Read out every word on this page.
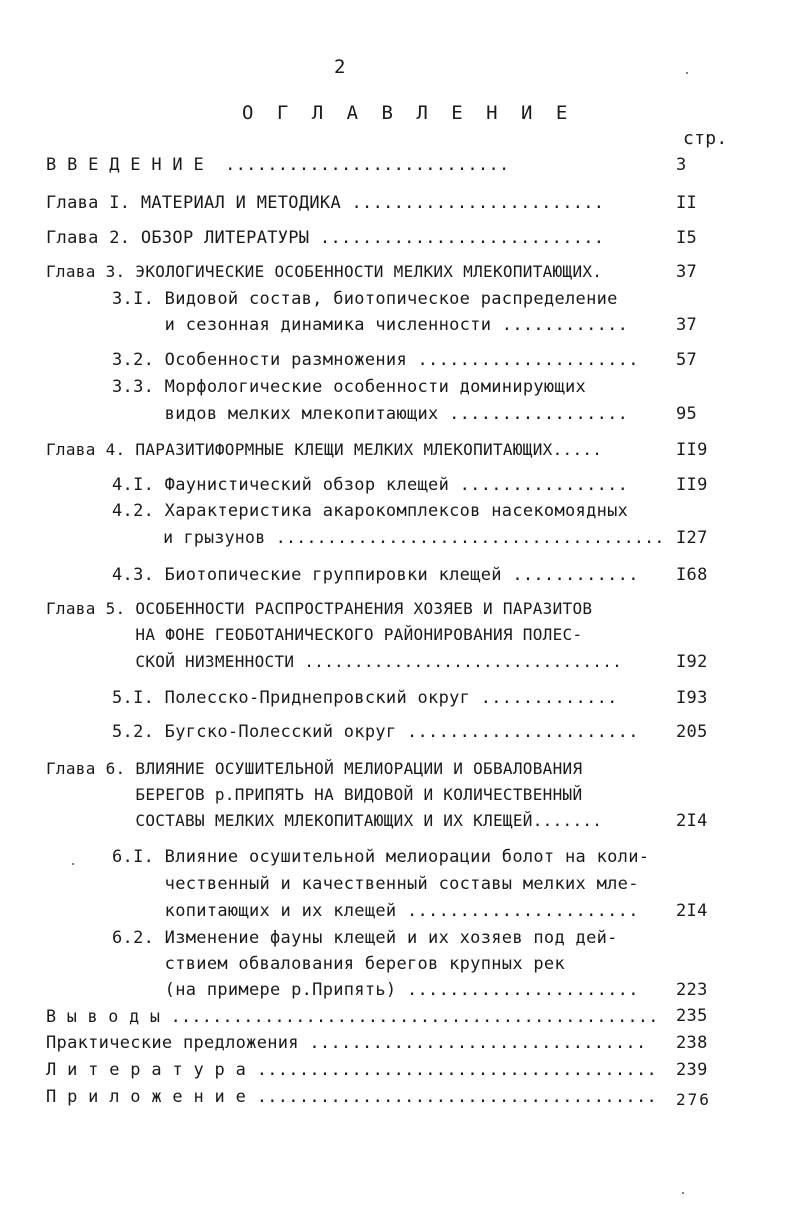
2
О Г Л А В Л Е Н И Е
стр.
В В Е Д Е Н И Е  ...........................	3
Глава I. МАТЕРИАЛ И МЕТОДИКА ........................	II
Глава 2. ОБЗОР ЛИТЕРАТУРЫ ...........................	I5
Глава 3. ЭКОЛОГИЧЕСКИЕ ОСОБЕННОСТИ МЕЛКИХ МЛЕКОПИТАЮЩИХ.	37
3.I. Видовой состав, биотопическое распределение
и сезонная динамика численности ............	37
3.2. Особенности размножения ..................... 57
3.3. Морфологические особенности доминирующих
видов мелких млекопитающих .................	95
Глава 4. ПАРАЗИТИФОРМНЫЕ КЛЕЩИ МЕЛКИХ МЛЕКОПИТАЮЩИХ.....	II9
4.I. Фаунистический обзор клещей ................	II9
4.2. Характеристика акарокомплексов насекомоядных
и грызунов ...................................... I27
4.3. Биотопические группировки клещей ............ I68
Глава 5. ОСОБЕННОСТИ РАСПРОСТРАНЕНИЯ ХОЗЯЕВ И ПАРАЗИТОВ
НА ФОНЕ ГЕОБОТАНИЧЕСКОГО РАЙОНИРОВАНИЯ ПОЛЕС-
СКОЙ НИЗМЕННОСТИ ................................	I92
5.I. Полесско-Приднепровский округ .............	I93
5.2. Бугско-Полесский округ ...................... 205
Глава 6. ВЛИЯНИЕ ОСУШИТЕЛЬНОЙ МЕЛИОРАЦИИ И ОБВАЛОВАНИЯ
БЕРЕГОВ р.ПРИПЯТЬ НА ВИДОВОЙ И КОЛИЧЕСТВЕННЫЙ
СОСТАВЫ МЕЛКИХ МЛЕКОПИТАЮЩИХ И ИХ КЛЕЩЕЙ.......	2I4
6.I. Влияние осушительной мелиорации болот на коли-
чественный и качественный составы мелких мле-
копитающих и их клещей ...................... 2I4
6.2. Изменение фауны клещей и их хозяев под дей-
ствием обвалования берегов крупных рек
(на примере р.Припять) ...................... 223
В ы в о д ы ............................................... 235
Практические предложения ................................ 238
Л и т е р а т у р а ...................................... 239
П р и л о ж е н и е ...................................... 276
